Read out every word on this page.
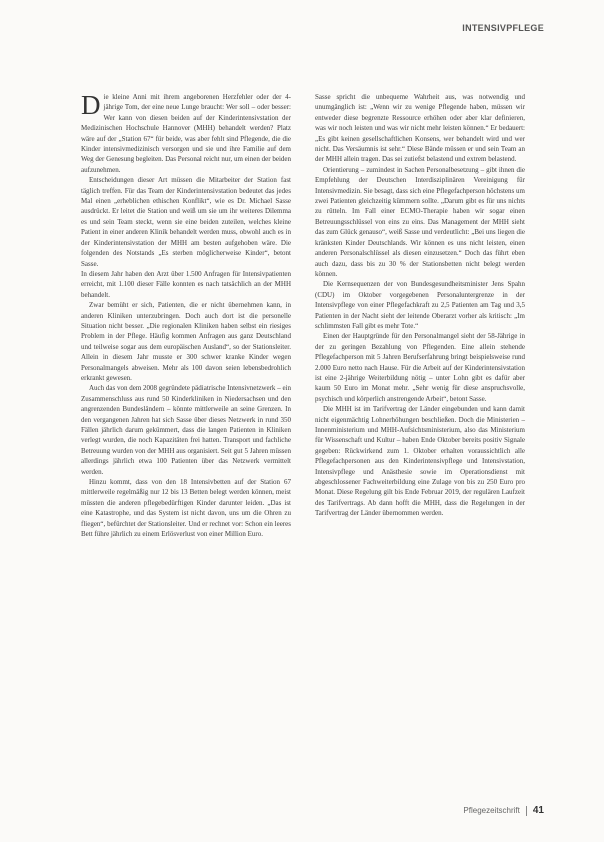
INTENSIVPFLEGE

Die kleine Anni mit ihrem angeborenen Herzfehler oder der 4-jährige Tom, der eine neue Lunge braucht: Wer soll – oder besser: Wer kann von diesen beiden auf der Kinderintensivstation der Medizinischen Hochschule Hannover (MHH) behandelt werden? Platz wäre auf der „Station 67“ für beide, was aber fehlt sind Pflegende, die die Kinder intensivmedizinisch versorgen und sie und ihre Familie auf dem Weg der Genesung begleiten. Das Personal reicht nur, um einen der beiden aufzunehmen.

Entscheidungen dieser Art müssen die Mitarbeiter der Station fast täglich treffen. Für das Team der Kinderintensivstation bedeutet das jedes Mal einen „erheblichen ethischen Konflikt“, wie es Dr. Michael Sasse ausdrückt. Er leitet die Station und weiß um sie um ihr weiteres Dilemma es und sein Team steckt, wenn sie eine beiden zuteilen, welches kleine Patient in einer anderen Klinik behandelt werden muss, obwohl auch es in der Kinderintensivstation der MHH am besten aufgehoben wäre. Die folgenden des Notstands „Es sterben möglicherweise Kinder“, betont Sasse.

In diesem Jahr haben den Arzt über 1.500 Anfragen für Intensivpatienten erreicht, mit 1.100 dieser Fälle konnten es nach tatsächlich an der MHH behandelt.

Zwar bemüht er sich, Patienten, die er nicht übernehmen kann, in anderen Kliniken unterzubringen. Doch auch dort ist die personelle Situation nicht besser. „Die regionalen Kliniken haben selbst ein riesiges Problem in der Pflege. Häufig kommen Anfragen aus ganz Deutschland und teilweise sogar aus dem europäischen Ausland“, so der Stationsleiter. Allein in diesem Jahr musste er 300 schwer kranke Kinder wegen Personalmangels abweisen. Mehr als 100 davon seien lebensbedrohlich erkrankt gewesen.

Auch das von dem 2008 gegründete pädiatrische Intensivnetzwerk – ein Zusammenschluss aus rund 50 Kinderkliniken in Niedersachsen und den angrenzenden Bundesländern – könnte mittlerweile an seine Grenzen. In den vergangenen Jahren hat sich Sasse über dieses Netzwerk in rund 350 Fällen jährlich darum gekümmert, dass die langen Patienten in Kliniken verlegt wurden, die noch Kapazitäten frei hatten. Transport und fachliche Betreuung wurden von der MHH aus organisiert. Seit gut 5 Jahren müssen allerdings jährlich etwa 100 Patienten über das Netzwerk vermittelt werden.

Hinzu kommt, dass von den 18 Intensivbetten auf der Station 67 mittlerweile regelmäßig nur 12 bis 13 Betten belegt werden können, meist müssten die anderen pflegebedürftigen Kinder darunter leiden. „Das ist eine Katastrophe, und das System ist nicht davon, uns um die Ohren zu fliegen“, befürchtet der Stationsleiter. Und er rechnet vor: Schon ein leeres Bett führe jährlich zu einem Erlösverlust von einer Million Euro.

Sasse spricht die unbequeme Wahrheit aus, was notwendig und unumgänglich ist: „Wenn wir zu wenige Pflegende haben, müssen wir entweder diese begrenzte Ressource erhöhen oder aber klar definieren, was wir noch leisten und was wir nicht mehr leisten können.“ Er bedauert: „Es gibt keinen gesellschaftlichen Konsens, wer behandelt wird und wer nicht. Das Versäumnis ist sehr.“ Diese Bände müssen er und sein Team an der MHH allein tragen. Das sei zutiefst belastend und extrem belastend.

Orientierung – zumindest in Sachen Personalbesetzung – gibt ihnen die Empfehlung der Deutschen Interdisziplinären Vereinigung für Intensivmedizin. Sie besagt, dass sich eine Pflegefachperson höchstens um zwei Patienten gleichzeitig kümmern sollte. „Darum gibt es für uns nichts zu rütteln. Im Fall einer ECMO-Therapie haben wir sogar einen Betreuungsschlüssel von eins zu eins. Das Management der MHH sieht das zum Glück genauso“, weiß Sasse und verdeutlicht: „Bei uns liegen die kränksten Kinder Deutschlands. Wir können es uns nicht leisten, einen anderen Personalschlüssel als diesen einzusetzen.“ Doch das führt eben auch dazu, dass bis zu 30 % der Stationsbetten nicht belegt werden können.

Die Kernsequenzen der von Bundesgesundheitsminister Jens Spahn (CDU) im Oktober vorgegebenen Personaluntergrenze in der Intensivpflege von einer Pflegefachkraft zu 2,5 Patienten am Tag und 3,5 Patienten in der Nacht sieht der leitende Oberarzt vorher als kritisch: „Im schlimmsten Fall gibt es mehr Tote.“

Einen der Hauptgründe für den Personalmangel sieht der 58-Jährige in der zu geringen Bezahlung von Pflegenden. Eine allein stehende Pflegefachperson mit 5 Jahren Berufserfahrung bringt beispielsweise rund 2.000 Euro netto nach Hause. Für die Arbeit auf der Kinderintensivstation ist eine 2-jährige Weiterbildung nötig – unter Lohn gibt es dafür aber kaum 50 Euro im Monat mehr. „Sehr wenig für diese anspruchsvolle, psychisch und körperlich anstrengende Arbeit“, betont Sasse.

Die MHH ist im Tarifvertrag der Länder eingebunden und kann damit nicht eigenmächtig Lohnerhöhungen beschließen. Doch die Ministerien – Innenministerium und MHH-Aufsichtsministerium, also das Ministerium für Wissenschaft und Kultur – haben Ende Oktober bereits positiv Signale gegeben: Rückwirkend zum 1. Oktober erhalten voraussichtlich alle Pflegefachpersonen aus den Kinderintensivpflege und Intensivstation, Intensivpflege und Anästhesie sowie im Operationsdienst mit abgeschlossener Fachweiterbildung eine Zulage von bis zu 250 Euro pro Monat. Diese Regelung gilt bis Ende Februar 2019, der regulären Laufzeit des Tarifvertrags. Ab dann hofft die MHH, dass die Regelungen in der Tarifvertrag der Länder übernommen werden.

Pflegezeitschrift 41
